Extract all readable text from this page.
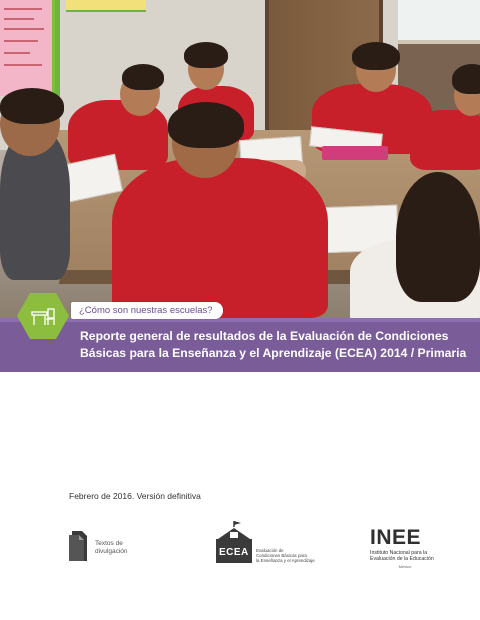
¿Cómo son nuestras escuelas?
Reporte general de resultados de la Evaluación de Condiciones
Básicas para la Enseñanza y el Aprendizaje (ECEA) 2014 / Primaria
Febrero de 2016. Versión definitiva
Textos de
divulgación	ECEA Evaluación de
Condiciones Básicas para
la Enseñanza y el Aprendizaje
INEE
Instituto Nacional para la
Evaluación de la Educación
México
